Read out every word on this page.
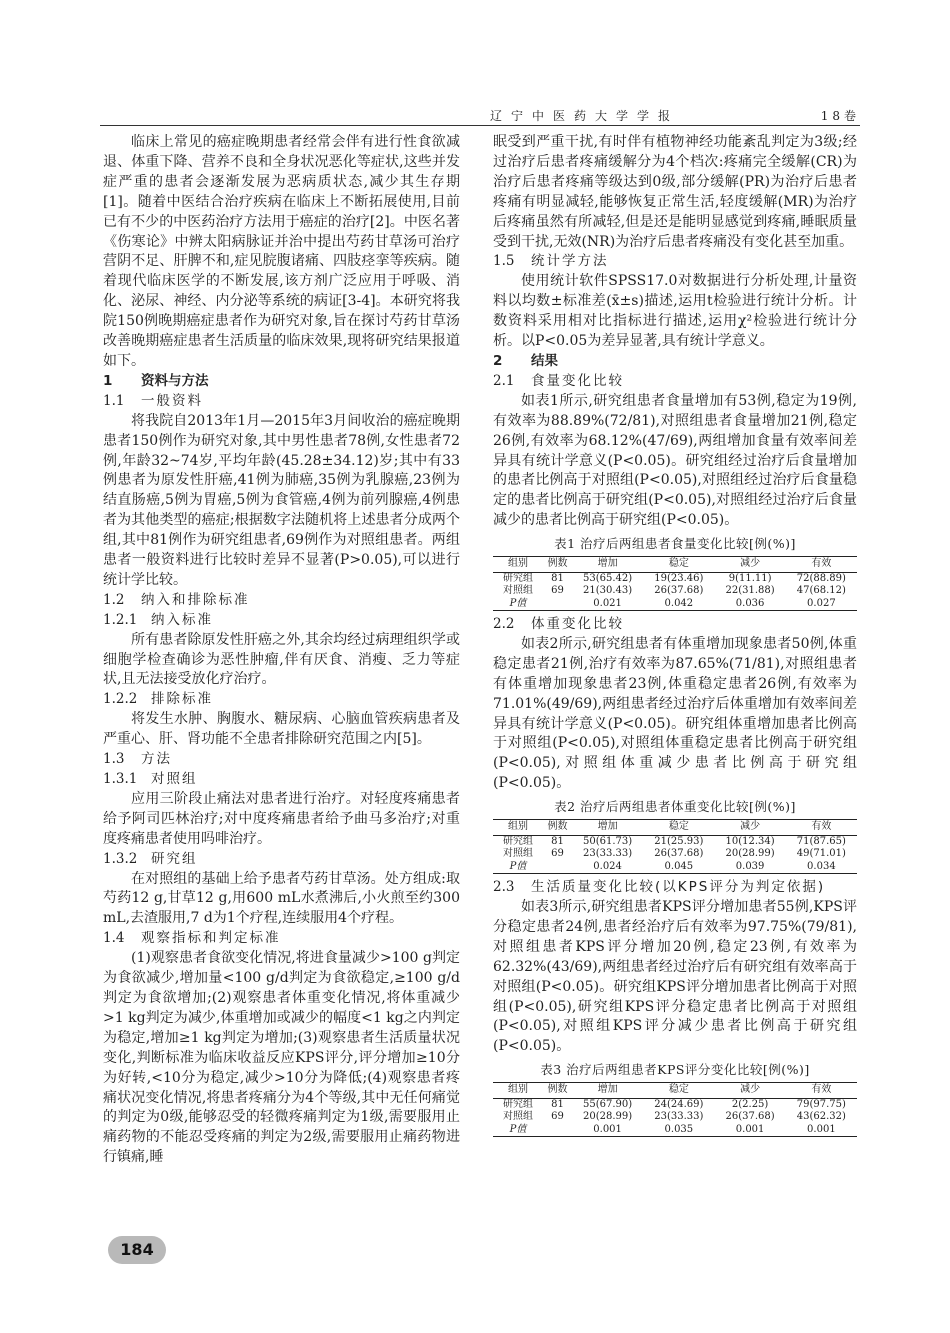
辽宁中医药大学学报	18卷

临床上常见的癌症晚期患者经常会伴有进行性食欲减退、体重下降、营养不良和全身状况恶化等症状,这些并发症严重的患者会逐渐发展为恶病质状态,减少其生存期[1]。随着中医结合治疗疾病在临床上不断拓展使用,目前已有不少的中医药治疗方法用于癌症的治疗[2]。中医名著《伤寒论》中辨太阳病脉证并治中提出芍药甘草汤可治疗营阴不足、肝脾不和,症见脘腹诸痛、四肢痉挛等疾病。随着现代临床医学的不断发展,该方剂广泛应用于呼吸、消化、泌尿、神经、内分泌等系统的病证[3-4]。本研究将我院150例晚期癌症患者作为研究对象,旨在探讨芍药甘草汤改善晚期癌症患者生活质量的临床效果,现将研究结果报道如下。

1 资料与方法
1.1 一般资料

将我院自2013年1月—2015年3月间收治的癌症晚期患者150例作为研究对象,其中男性患者78例,女性患者72例,年龄32~74岁,平均年龄(45.28±34.12)岁;其中有33例患者为原发性肝癌,41例为肺癌,35例为乳腺癌,23例为结直肠癌,5例为胃癌,5例为食管癌,4例为前列腺癌,4例患者为其他类型的癌症;根据数字法随机将上述患者分成两个组,其中81例作为研究组患者,69例作为对照组患者。两组患者一般资料进行比较时差异不显著(P>0.05),可以进行统计学比较。

1.2 纳入和排除标准
1.2.1 纳入标准

所有患者除原发性肝癌之外,其余均经过病理组织学或细胞学检查确诊为恶性肿瘤,伴有厌食、消瘦、乏力等症状,且无法接受放化疗治疗。

1.2.2 排除标准

将发生水肿、胸腹水、糖尿病、心脑血管疾病患者及严重心、肝、肾功能不全患者排除研究范围之内[5]。

1.3 方法
1.3.1 对照组

应用三阶段止痛法对患者进行治疗。对轻度疼痛患者给予阿司匹林治疗;对中度疼痛患者给予曲马多治疗;对重度疼痛患者使用吗啡治疗。

1.3.2 研究组

在对照组的基础上给予患者芍药甘草汤。处方组成:取芍药12 g,甘草12 g,用600 mL水煮沸后,小火煎至约300 mL,去渣服用,7 d为1个疗程,连续服用4个疗程。

1.4 观察指标和判定标准

(1)观察患者食欲变化情况,将进食量减少>100 g判定为食欲减少,增加量<100 g/d判定为食欲稳定,≥100 g/d判定为食欲增加;(2)观察患者体重变化情况,将体重减少>1 kg判定为减少,体重增加或减少的幅度<1 kg之内判定为稳定,增加≥1 kg判定为增加;(3)观察患者生活质量状况变化,判断标准为临床收益反应KPS评分,评分增加≥10分为好转,<10分为稳定,减少>10分为降低;(4)观察患者疼痛状况变化情况,将患者疼痛分为4个等级,其中无任何痛觉的判定为0级,能够忍受的轻微疼痛判定为1级,需要服用止痛药物的不能忍受疼痛的判定为2级,需要服用止痛药物进行镇痛,睡

眠受到严重干扰,有时伴有植物神经功能紊乱判定为3级;经过治疗后患者疼痛缓解分为4个档次:疼痛完全缓解(CR)为治疗后患者疼痛等级达到0级,部分缓解(PR)为治疗后患者疼痛有明显减轻,能够恢复正常生活,轻度缓解(MR)为治疗后疼痛虽然有所减轻,但是还是能明显感觉到疼痛,睡眠质量受到干扰,无效(NR)为治疗后患者疼痛没有变化甚至加重。

1.5 统计学方法

使用统计软件SPSS17.0对数据进行分析处理,计量资料以均数±标准差(x̄±s)描述,运用t检验进行统计分析。计数资料采用相对比指标进行描述,运用χ²检验进行统计分析。以P<0.05为差异显著,具有统计学意义。

2 结果
2.1 食量变化比较

如表1所示,研究组患者食量增加有53例,稳定为19例,有效率为88.89%(72/81),对照组患者食量增加21例,稳定26例,有效率为68.12%(47/69),两组增加食量有效率间差异具有统计学意义(P<0.05)。研究组经过治疗后食量增加的患者比例高于对照组(P<0.05),对照组经过治疗后食量稳定的患者比例高于研究组(P<0.05),对照组经过治疗后食量减少的患者比例高于研究组(P<0.05)。

表1 治疗后两组患者食量变化比较[例(%)]
组别	例数	增加	稳定	减少	有效
研究组	81	53(65.42)	19(23.46)	9(11.11)	72(88.89)
对照组	69	21(30.43)	26(37.68)	22(31.88)	47(68.12)
P值		0.021	0.042	0.036	0.027
2.2 体重变化比较

如表2所示,研究组患者有体重增加现象患者50例,体重稳定患者21例,治疗有效率为87.65%(71/81),对照组患者有体重增加现象患者23例,体重稳定患者26例,有效率为71.01%(49/69),两组患者经过治疗后体重增加有效率间差异具有统计学意义(P<0.05)。研究组体重增加患者比例高于对照组(P<0.05),对照组体重稳定患者比例高于研究组(P<0.05),对照组体重减少患者比例高于研究组(P<0.05)。

表2 治疗后两组患者体重变化比较[例(%)]
组别	例数	增加	稳定	减少	有效
研究组	81	50(61.73)	21(25.93)	10(12.34)	71(87.65)
对照组	69	23(33.33)	26(37.68)	20(28.99)	49(71.01)
P值		0.024	0.045	0.039	0.034
2.3 生活质量变化比较(以KPS评分为判定依据)

如表3所示,研究组患者KPS评分增加患者55例,KPS评分稳定患者24例,患者经治疗后有效率为97.75%(79/81),对照组患者KPS评分增加20例,稳定23例,有效率为62.32%(43/69),两组患者经过治疗后有研究组有效率高于对照组(P<0.05)。研究组KPS评分增加患者比例高于对照组(P<0.05),研究组KPS评分稳定患者比例高于对照组(P<0.05),对照组KPS评分减少患者比例高于研究组(P<0.05)。

表3 治疗后两组患者KPS评分变化比较[例(%)]
组别	例数	增加	稳定	减少	有效
研究组	81	55(67.90)	24(24.69)	2(2.25)	79(97.75)
对照组	69	20(28.99)	23(33.33)	26(37.68)	43(62.32)
P值		0.001	0.035	0.001	0.001
184
